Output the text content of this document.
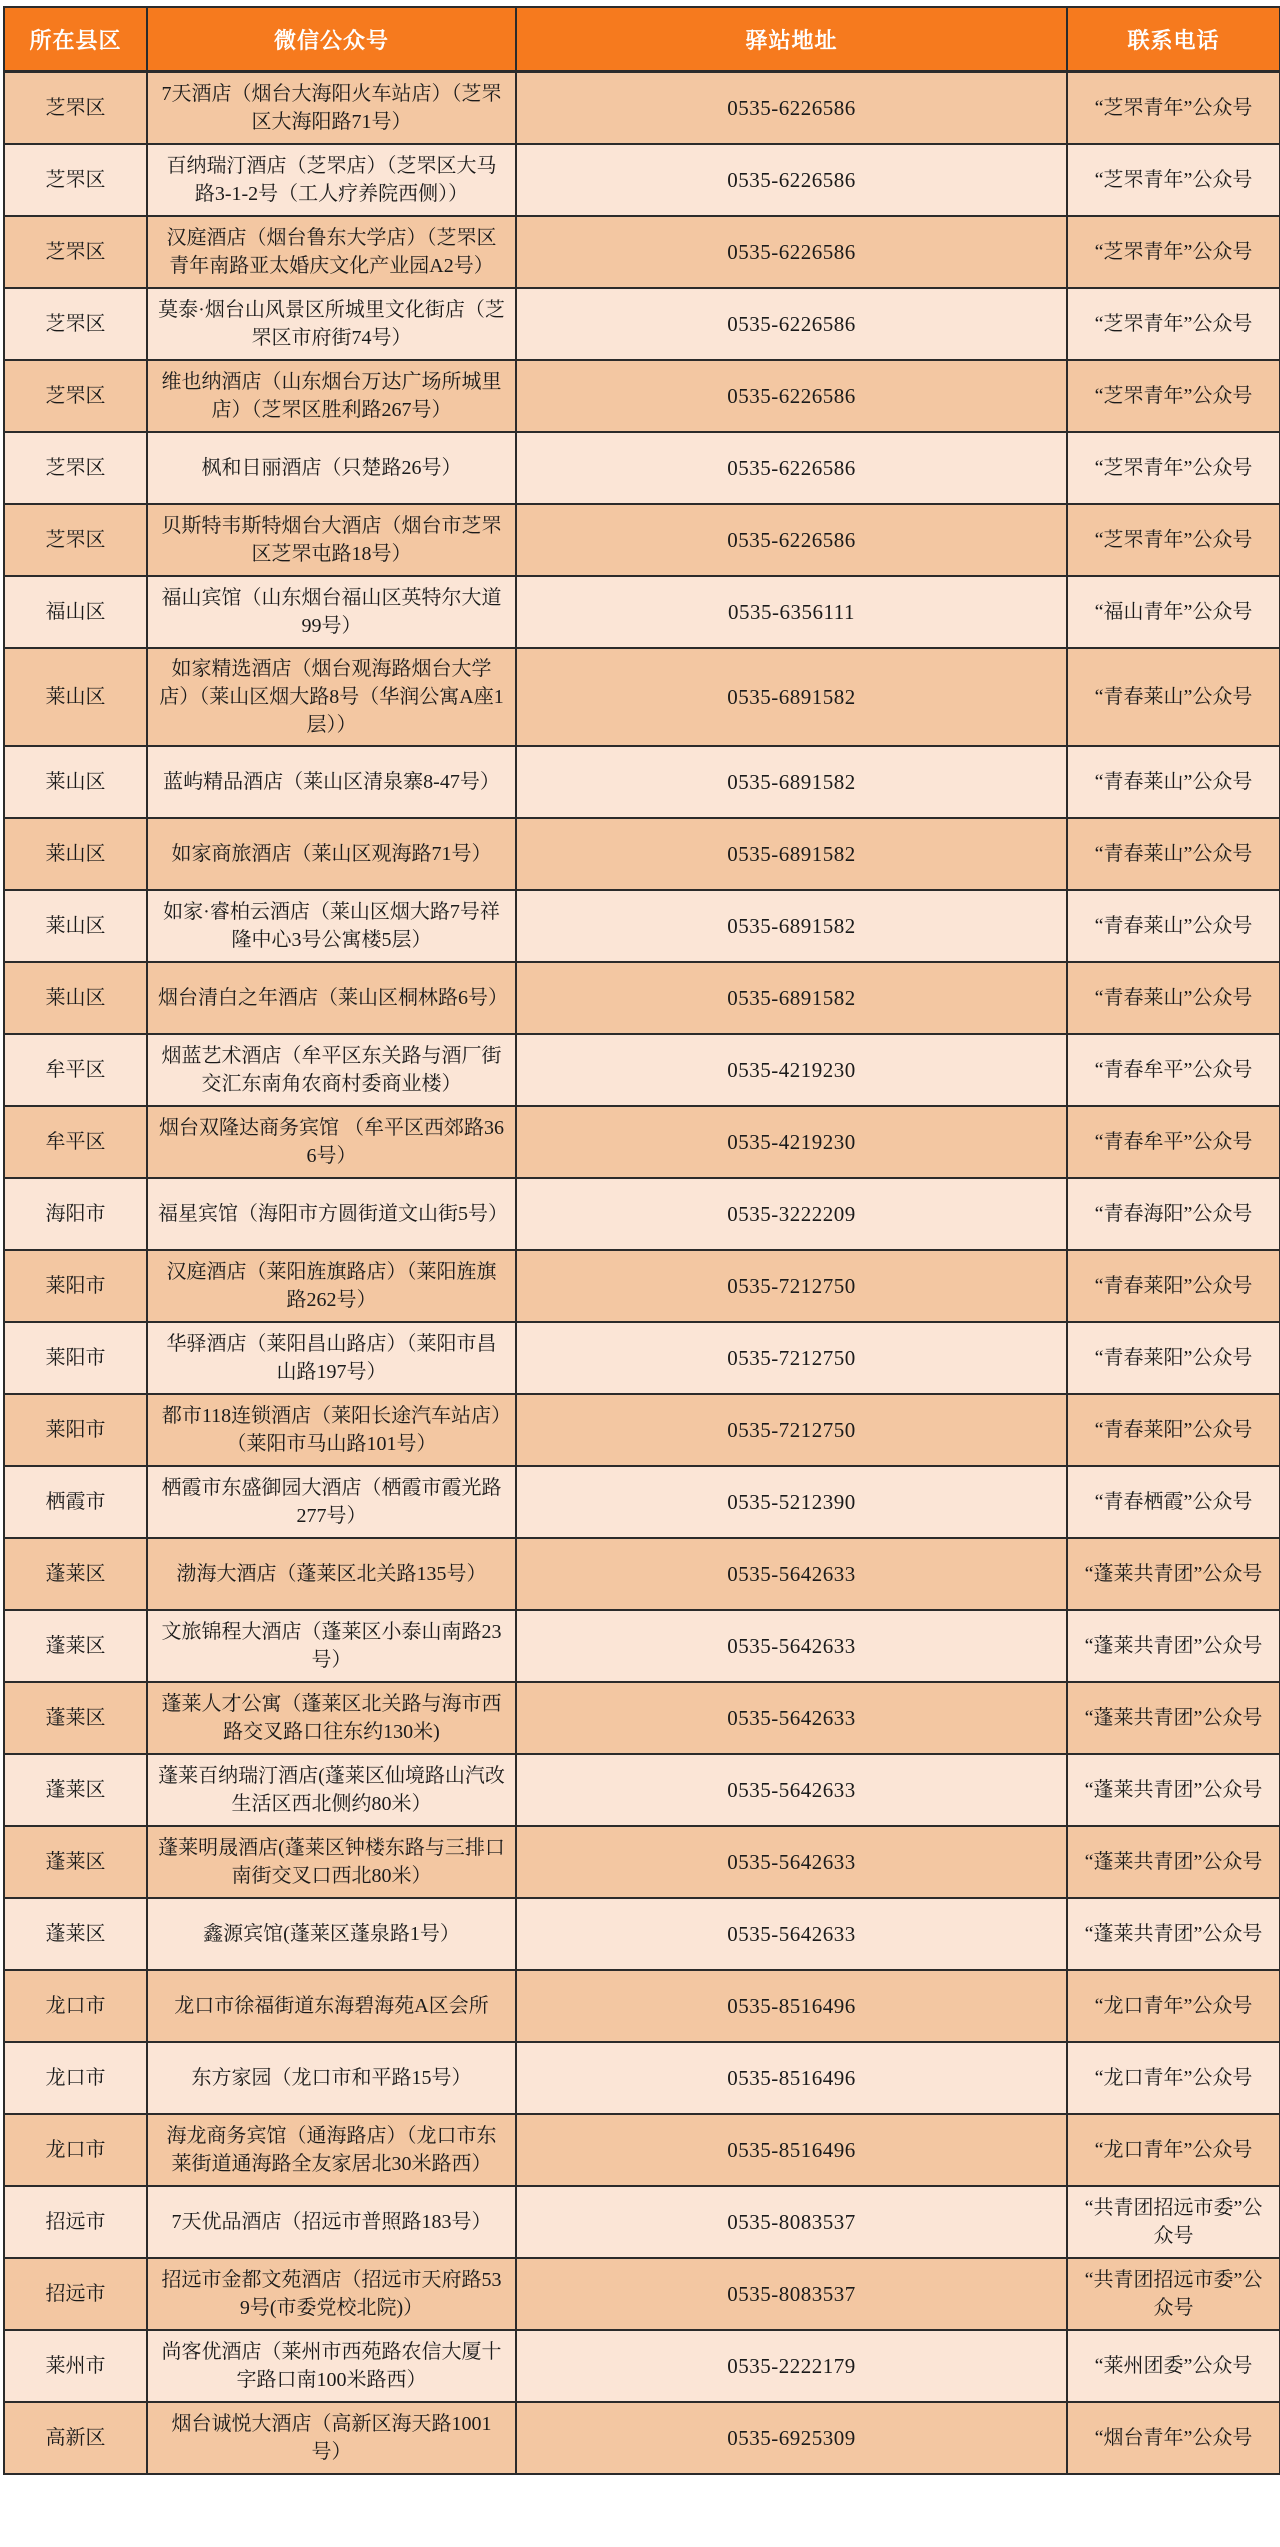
所在县区	微信公众号	驿站地址	联系电话
芝罘区	7天酒店（烟台大海阳火车站店）（芝罘区大海阳路71号）	0535-6226586	“芝罘青年”公众号
芝罘区	百纳瑞汀酒店（芝罘店）（芝罘区大马路3-1-2号（工人疗养院西侧））	0535-6226586	“芝罘青年”公众号
芝罘区	汉庭酒店（烟台鲁东大学店）（芝罘区青年南路亚太婚庆文化产业园A2号）	0535-6226586	“芝罘青年”公众号
芝罘区	莫泰·烟台山风景区所城里文化街店（芝罘区市府街74号）	0535-6226586	“芝罘青年”公众号
芝罘区	维也纳酒店（山东烟台万达广场所城里店）（芝罘区胜利路267号）	0535-6226586	“芝罘青年”公众号
芝罘区	枫和日丽酒店（只楚路26号）	0535-6226586	“芝罘青年”公众号
芝罘区	贝斯特韦斯特烟台大酒店（烟台市芝罘区芝罘屯路18号）	0535-6226586	“芝罘青年”公众号
福山区	福山宾馆（山东烟台福山区英特尔大道99号）	0535-6356111	“福山青年”公众号
莱山区	如家精选酒店（烟台观海路烟台大学店）（莱山区烟大路8号（华润公寓A座1层））	0535-6891582	“青春莱山”公众号
莱山区	蓝屿精品酒店（莱山区清泉寨8-47号）	0535-6891582	“青春莱山”公众号
莱山区	如家商旅酒店（莱山区观海路71号）	0535-6891582	“青春莱山”公众号
莱山区	如家·睿柏云酒店（莱山区烟大路7号祥隆中心3号公寓楼5层）	0535-6891582	“青春莱山”公众号
莱山区	烟台清白之年酒店（莱山区桐林路6号）	0535-6891582	“青春莱山”公众号
牟平区	烟蓝艺术酒店（牟平区东关路与酒厂街交汇东南角农商村委商业楼）	0535-4219230	“青春牟平”公众号
牟平区	烟台双隆达商务宾馆 （牟平区西郊路366号）	0535-4219230	“青春牟平”公众号
海阳市	福星宾馆（海阳市方圆街道文山街5号）	0535-3222209	“青春海阳”公众号
莱阳市	汉庭酒店（莱阳旌旗路店）（莱阳旌旗路262号）	0535-7212750	“青春莱阳”公众号
莱阳市	华驿酒店（莱阳昌山路店）（莱阳市昌山路197号）	0535-7212750	“青春莱阳”公众号
莱阳市	都市118连锁酒店（莱阳长途汽车站店）（莱阳市马山路101号）	0535-7212750	“青春莱阳”公众号
栖霞市	栖霞市东盛御园大酒店（栖霞市霞光路277号）	0535-5212390	“青春栖霞”公众号
蓬莱区	渤海大酒店（蓬莱区北关路135号）	0535-5642633	“蓬莱共青团”公众号
蓬莱区	文旅锦程大酒店（蓬莱区小泰山南路23号）	0535-5642633	“蓬莱共青团”公众号
蓬莱区	蓬莱人才公寓（蓬莱区北关路与海市西路交叉路口往东约130米)	0535-5642633	“蓬莱共青团”公众号
蓬莱区	蓬莱百纳瑞汀酒店(蓬莱区仙境路山汽改生活区西北侧约80米）	0535-5642633	“蓬莱共青团”公众号
蓬莱区	蓬莱明晟酒店(蓬莱区钟楼东路与三排口南街交叉口西北80米）	0535-5642633	“蓬莱共青团”公众号
蓬莱区	鑫源宾馆(蓬莱区蓬泉路1号）	0535-5642633	“蓬莱共青团”公众号
龙口市	龙口市徐福街道东海碧海苑A区会所	0535-8516496	“龙口青年”公众号
龙口市	东方家园（龙口市和平路15号）	0535-8516496	“龙口青年”公众号
龙口市	海龙商务宾馆（通海路店）（龙口市东莱街道通海路全友家居北30米路西）	0535-8516496	“龙口青年”公众号
招远市	7天优品酒店（招远市普照路183号）	0535-8083537	“共青团招远市委”公众号
招远市	招远市金都文苑酒店（招远市天府路539号(市委党校北院)）	0535-8083537	“共青团招远市委”公众号
莱州市	尚客优酒店（莱州市西苑路农信大厦十字路口南100米路西）	0535-2222179	“莱州团委”公众号
高新区	烟台诚悦大酒店（高新区海天路1001号）	0535-6925309	“烟台青年”公众号
